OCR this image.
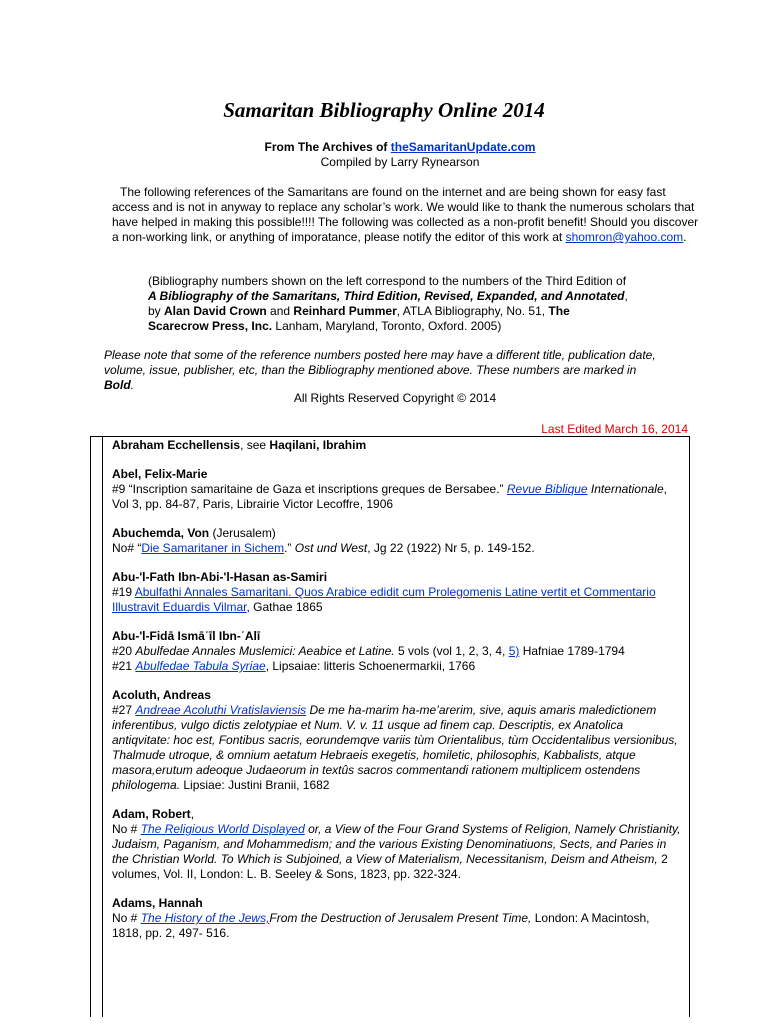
Samaritan Bibliography Online 2014
From The Archives of theSamaritanUpdate.com
Compiled by Larry Rynearson
The following references of the Samaritans are found on the internet and are being shown for easy fast access and is not in anyway to replace any scholar’s work. We would like to thank the numerous scholars that have helped in making this possible!!!! The following was collected as a non-profit benefit! Should you discover a non-working link, or anything of imporatance, please notify the editor of this work at shomron@yahoo.com.
(Bibliography numbers shown on the left correspond to the numbers of the Third Edition of A Bibliography of the Samaritans, Third Edition, Revised, Expanded, and Annotated, by Alan David Crown and Reinhard Pummer, ATLA Bibliography, No. 51, The Scarecrow Press, Inc. Lanham, Maryland, Toronto, Oxford. 2005)
Please note that some of the reference numbers posted here may have a different title, publication date, volume, issue, publisher, etc, than the Bibliography mentioned above. These numbers are marked in Bold.
All Rights Reserved Copyright © 2014
Last Edited March 16, 2014
Abraham Ecchellensis, see Haqilani, Ibrahim
Abel, Felix-Marie
#9 “Inscription samaritaine de Gaza et inscriptions greques de Bersabee.” Revue Biblique Internationale, Vol 3, pp. 84-87, Paris, Librairie Victor Lecoffre, 1906
Abuchemda, Von (Jerusalem)
No# “Die Samaritaner in Sichem.” Ost und West, Jg 22 (1922) Nr 5, p. 149-152.
Abu-'l-Fath Ibn-Abi-'l-Hasan as-Samiri
#19 Abulfathi Annales Samaritani. Quos Arabice edidit cum Prolegomenis Latine vertit et Commentario Illustravit Eduardis Vilmar, Gathae 1865
Abu-'l-Fidā Ismāʿīl Ibn-ʿAlī
#20 Abulfedae Annales Muslemici: Aeabice et Latine. 5 vols (vol 1, 2, 3, 4, 5) Hafniae 1789-1794
#21 Abulfedae Tabula Syriae, Lipsaiae: litteris Schoenermarkii, 1766
Acoluth, Andreas
#27 Andreae Acoluthi Vratislaviensis De me ha-marim ha-me’arerim, sive, aquis amaris maledictionem inferentibus, vulgo dictis zelotypiae et Num. V. v. 11 usque ad finem cap. Descriptis, ex Anatolica antiqvitate: hoc est, Fontibus sacris, eorundemqve variis tùm Orientalibus, tùm Occidentalibus versionibus, Thalmude utroque, & omnium aetatum Hebraeis exegetis, homiletic, philosophis, Kabbalists, atque masora,erutum adeoque Judaeorum in textûs sacros commentandi rationem multiplicem ostendens philologema. Lipsiae: Justini Branii, 1682
Adam, Robert,
No # The Religious World Displayed or, a View of the Four Grand Systems of Religion, Namely Christianity, Judaism, Paganism, and Mohammedism; and the various Existing Denominatiuons, Sects, and Paries in the Christian World. To Which is Subjoined, a View of Materialism, Necessitanism, Deism and Atheism, 2 volumes, Vol. II, London: L. B. Seeley & Sons, 1823, pp. 322-324.
Adams, Hannah
No # The History of the Jews,From the Destruction of Jerusalem Present Time, London: A Macintosh, 1818, pp. 2, 497- 516.
